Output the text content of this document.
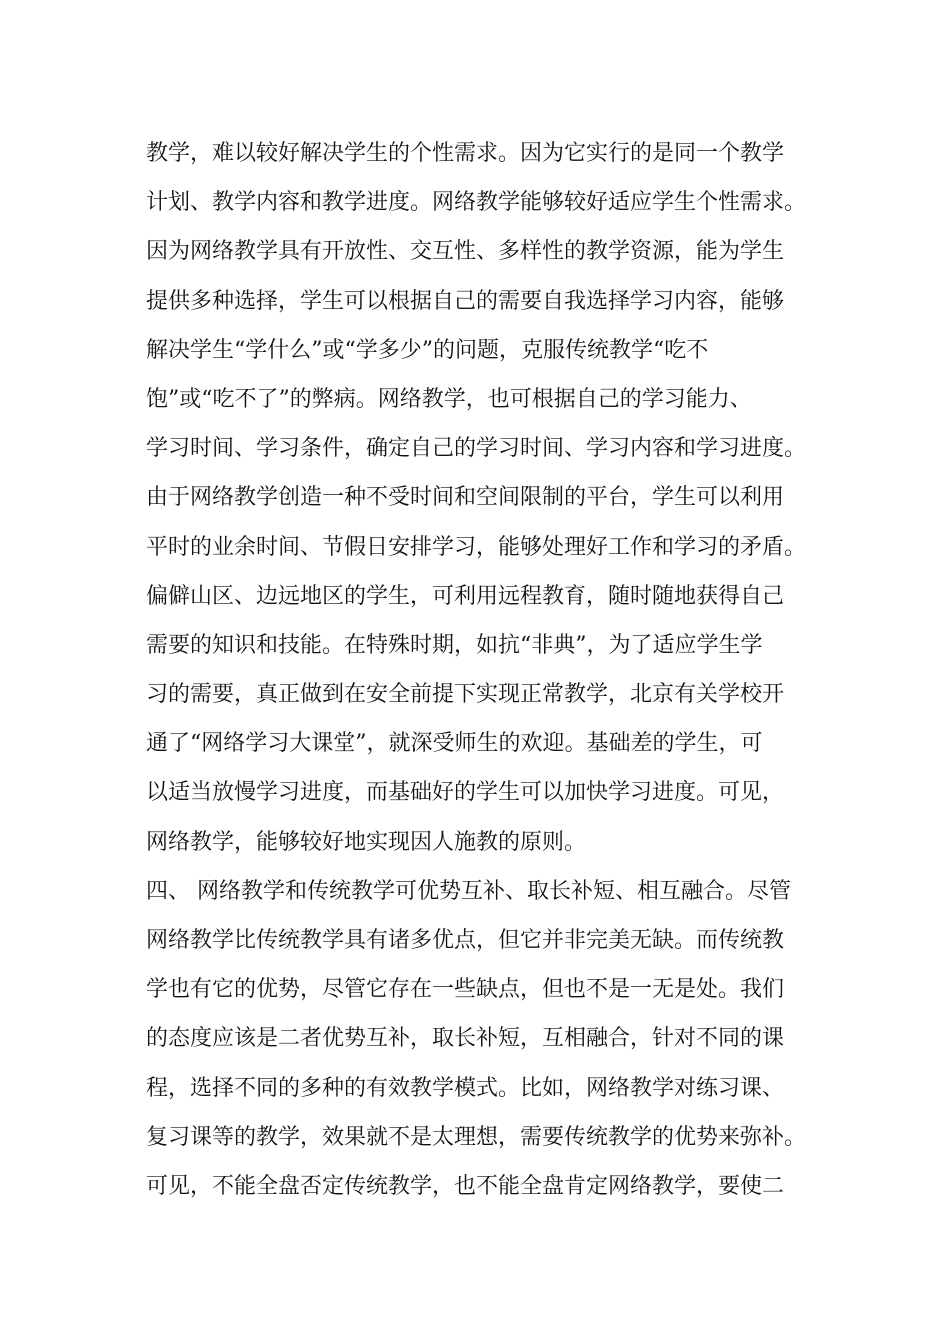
教学，难以较好解决学生的个性需求。因为它实行的是同一个教学
计划、教学内容和教学进度。网络教学能够较好适应学生个性需求。
因为网络教学具有开放性、交互性、多样性的教学资源，能为学生
提供多种选择，学生可以根据自己的需要自我选择学习内容，能够
解决学生“学什么”或“学多少”的问题，克服传统教学“吃不
饱”或“吃不了”的弊病。网络教学，也可根据自己的学习能力、
学习时间、学习条件，确定自己的学习时间、学习内容和学习进度。
由于网络教学创造一种不受时间和空间限制的平台，学生可以利用
平时的业余时间、节假日安排学习，能够处理好工作和学习的矛盾。
偏僻山区、边远地区的学生，可利用远程教育，随时随地获得自己
需要的知识和技能。在特殊时期，如抗“非典”，为了适应学生学
习的需要，真正做到在安全前提下实现正常教学，北京有关学校开
通了“网络学习大课堂”，就深受师生的欢迎。基础差的学生，可
以适当放慢学习进度，而基础好的学生可以加快学习进度。可见，
网络教学，能够较好地实现因人施教的原则。
四、 网络教学和传统教学可优势互补、取长补短、相互融合。尽管
网络教学比传统教学具有诸多优点，但它并非完美无缺。而传统教
学也有它的优势，尽管它存在一些缺点，但也不是一无是处。我们
的态度应该是二者优势互补，取长补短，互相融合，针对不同的课
程，选择不同的多种的有效教学模式。比如，网络教学对练习课、
复习课等的教学，效果就不是太理想，需要传统教学的优势来弥补。
可见，不能全盘否定传统教学，也不能全盘肯定网络教学，要使二
